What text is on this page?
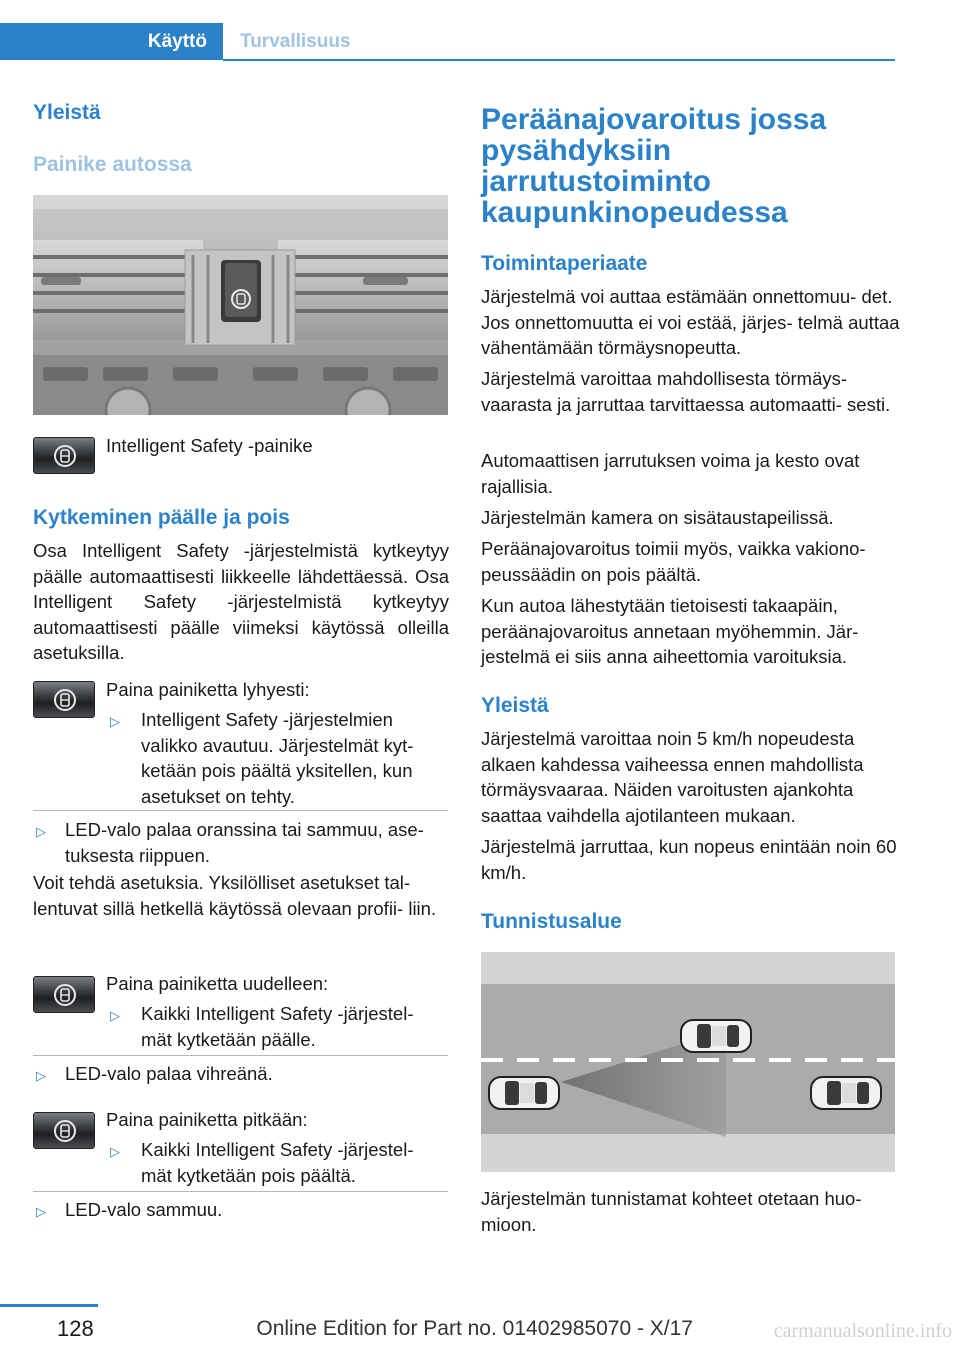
Käyttö	Turvallisuus
Yleistä
Painike autossa
Intelligent Safety -painike
Kytkeminen päälle ja pois
Osa Intelligent Safety -järjestelmistä kytkeytyy päälle automaattisesti liikkeelle lähdettäessä. Osa Intelligent Safety -järjestelmistä kytkeytyy automaattisesti päälle viimeksi käytössä olleilla asetuksilla.
Paina painiketta lyhyesti:
▷ Intelligent Safety -järjestelmien valikko avautuu. Järjestelmät kyt- ketään pois päältä yksitellen, kun asetukset on tehty.
▷ LED-valo palaa oranssina tai sammuu, ase- tuksesta riippuen.
Voit tehdä asetuksia. Yksilölliset asetukset tal- lentuvat sillä hetkellä käytössä olevaan profii- liin.
Paina painiketta uudelleen:
▷ Kaikki Intelligent Safety -järjestel- mät kytketään päälle.
▷ LED-valo palaa vihreänä.
Paina painiketta pitkään:
▷ Kaikki Intelligent Safety -järjestel- mät kytketään pois päältä.
▷ LED-valo sammuu.
Peräänajovaroitus jossa pysähdyksiin jarrutustoiminto kaupunkinopeudessa
Toimintaperiaate
Järjestelmä voi auttaa estämään onnettomuu- det. Jos onnettomuutta ei voi estää, järjes- telmä auttaa vähentämään törmäysnopeutta.
Järjestelmä varoittaa mahdollisesta törmäys- vaarasta ja jarruttaa tarvittaessa automaatti- sesti.
Automaattisen jarrutuksen voima ja kesto ovat rajallisia.
Järjestelmän kamera on sisätaustapeilissä.
Peräänajovaroitus toimii myös, vaikka vakiono- peussäädin on pois päältä.
Kun autoa lähestytään tietoisesti takaapäin, peräänajovaroitus annetaan myöhemmin. Jär- jestelmä ei siis anna aiheettomia varoituksia.
Yleistä
Järjestelmä varoittaa noin 5 km/h nopeudesta alkaen kahdessa vaiheessa ennen mahdollista törmäysvaaraa. Näiden varoitusten ajankohta saattaa vaihdella ajotilanteen mukaan.
Järjestelmä jarruttaa, kun nopeus enintään noin 60 km/h.
Tunnistusalue
Järjestelmän tunnistamat kohteet otetaan huo- mioon.
128	Online Edition for Part no. 01402985070 - X/17	carmanualsonline.info
